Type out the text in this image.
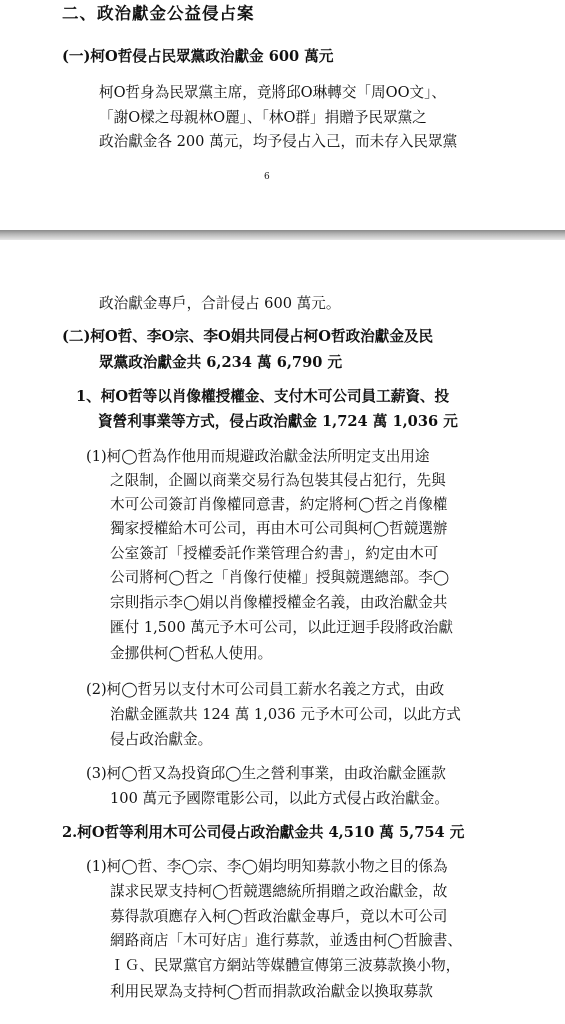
二、政治獻金公益侵占案
(一)柯O哲侵占民眾黨政治獻金 600 萬元
柯O哲身為民眾黨主席，竟將邱O琳轉交「周OO文」、
「謝O樑之母親林O麗」、「林O群」捐贈予民眾黨之
政治獻金各 200 萬元，均予侵占入己，而未存入民眾黨
6
政治獻金專戶，合計侵占 600 萬元。
(二)柯O哲、李O宗、李O娟共同侵占柯O哲政治獻金及民
眾黨政治獻金共 6,234 萬 6,790 元
1、柯O哲等以肖像權授權金、支付木可公司員工薪資、投
資營利事業等方式，侵占政治獻金 1,724 萬 1,036 元
(1)柯◯哲為作他用而規避政治獻金法所明定支出用途
之限制，企圖以商業交易行為包裝其侵占犯行，先與
木可公司簽訂肖像權同意書，約定將柯◯哲之肖像權
獨家授權給木可公司，再由木可公司與柯◯哲競選辦
公室簽訂「授權委託作業管理合約書」，約定由木可
公司將柯◯哲之「肖像行使權」授與競選總部。李◯
宗則指示李◯娟以肖像權授權金名義，由政治獻金共
匯付 1,500 萬元予木可公司，以此迂迴手段將政治獻
金挪供柯◯哲私人使用。
(2)柯◯哲另以支付木可公司員工薪水名義之方式，由政
治獻金匯款共 124 萬 1,036 元予木可公司，以此方式
侵占政治獻金。
(3)柯◯哲又為投資邱◯生之營利事業，由政治獻金匯款
100 萬元予國際電影公司，以此方式侵占政治獻金。
2.柯O哲等利用木可公司侵占政治獻金共 4,510 萬 5,754 元
(1)柯◯哲、李◯宗、李◯娟均明知募款小物之目的係為
謀求民眾支持柯◯哲競選總統所捐贈之政治獻金，故
募得款項應存入柯◯哲政治獻金專戶，竟以木可公司
網路商店「木可好店」進行募款，並透由柯◯哲臉書、
ＩＧ、民眾黨官方網站等媒體宣傳第三波募款換小物，
利用民眾為支持柯◯哲而捐款政治獻金以換取募款
